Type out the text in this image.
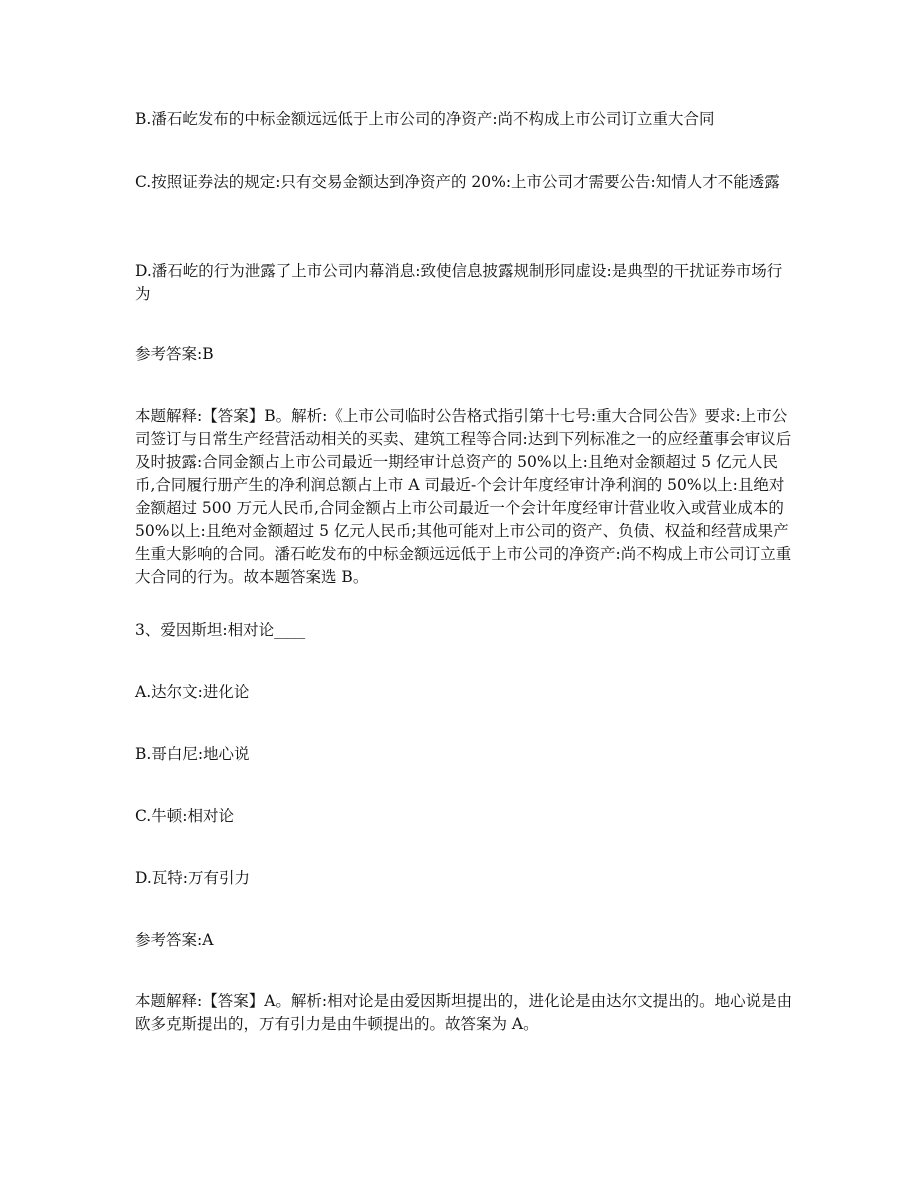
B.潘石屹发布的中标金额远远低于上市公司的净资产:尚不构成上市公司订立重大合同
C.按照证券法的规定:只有交易金额达到净资产的 20%:上市公司才需要公告:知情人才不能透露
D.潘石屹的行为泄露了上市公司内幕消息:致使信息披露规制形同虚设:是典型的干扰证券市场行为
参考答案:B
本题解释:【答案】B。解析:《上市公司临时公告格式指引第十七号:重大合同公告》要求:上市公司签订与日常生产经营活动相关的买卖、建筑工程等合同:达到下列标准之一的应经董事会审议后及时披露:合同金额占上市公司最近一期经审计总资产的 50%以上:且绝对金额超过 5 亿元人民币,合同履行册产生的净利润总额占上市 A 司最近-个会计年度经审计净利润的 50%以上:且绝对金额超过 500 万元人民币,合同金额占上市公司最近一个会计年度经审计营业收入或营业成本的 50%以上:且绝对金额超过 5 亿元人民币;其他可能对上市公司的资产、负债、权益和经营成果产生重大影响的合同。潘石屹发布的中标金额远远低于上市公司的净资产:尚不构成上市公司订立重大合同的行为。故本题答案选 B。
3、爱因斯坦:相对论____
A.达尔文:进化论
B.哥白尼:地心说
C.牛顿:相对论
D.瓦特:万有引力
参考答案:A
本题解释:【答案】A。解析:相对论是由爱因斯坦提出的，进化论是由达尔文提出的。地心说是由欧多克斯提出的，万有引力是由牛顿提出的。故答案为 A。
